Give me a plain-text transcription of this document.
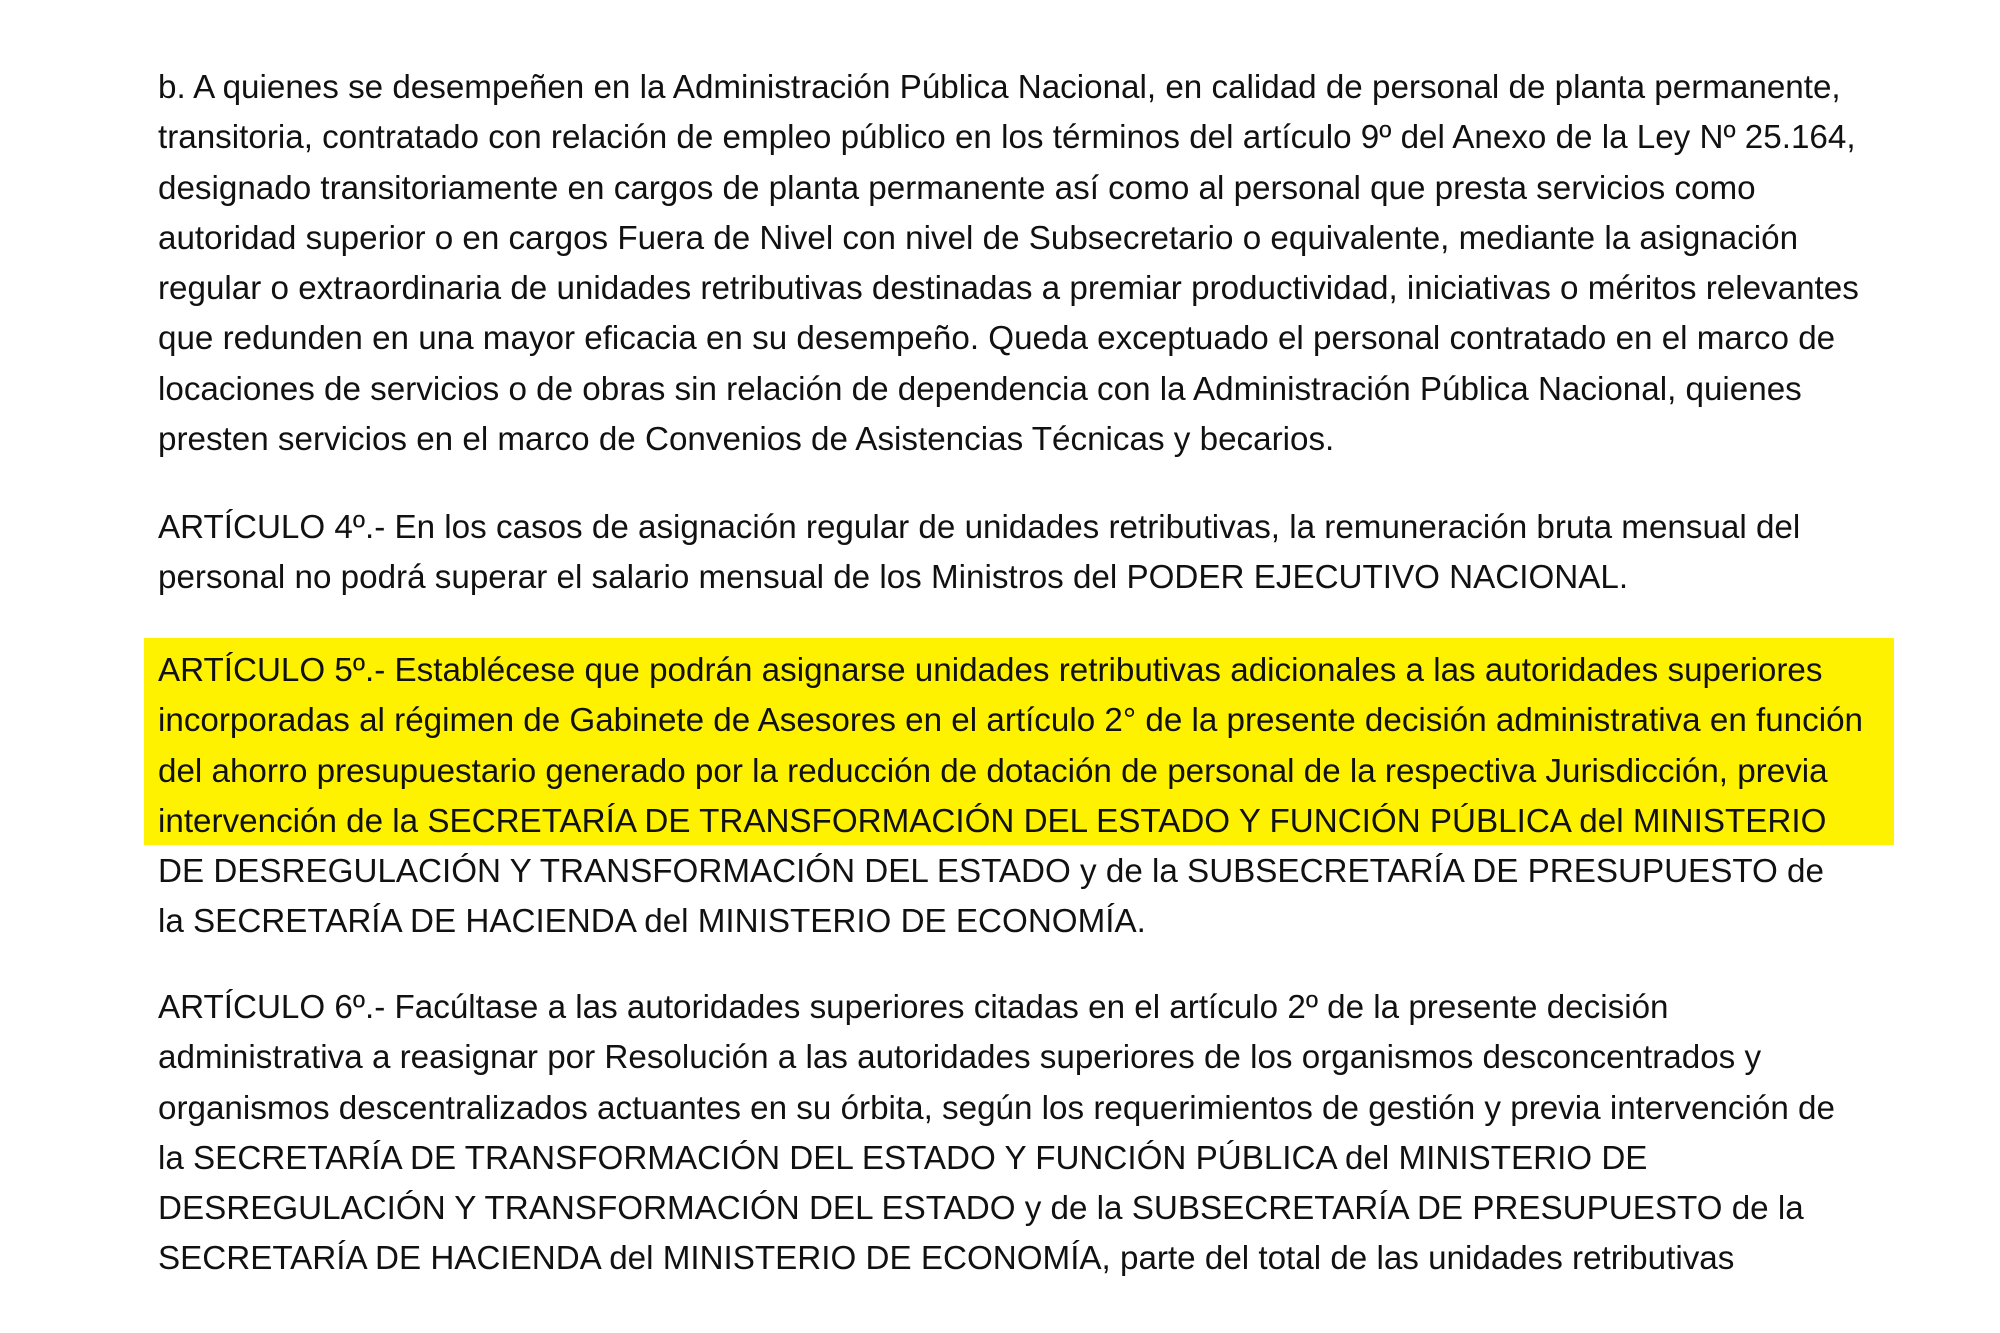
b. A quienes se desempeñen en la Administración Pública Nacional, en calidad de personal de planta permanente,
transitoria, contratado con relación de empleo público en los términos del artículo 9º del Anexo de la Ley Nº 25.164,
designado transitoriamente en cargos de planta permanente así como al personal que presta servicios como
autoridad superior o en cargos Fuera de Nivel con nivel de Subsecretario o equivalente, mediante la asignación
regular o extraordinaria de unidades retributivas destinadas a premiar productividad, iniciativas o méritos relevantes
que redunden en una mayor eficacia en su desempeño. Queda exceptuado el personal contratado en el marco de
locaciones de servicios o de obras sin relación de dependencia con la Administración Pública Nacional, quienes
presten servicios en el marco de Convenios de Asistencias Técnicas y becarios.
ARTÍCULO 4º.- En los casos de asignación regular de unidades retributivas, la remuneración bruta mensual del
personal no podrá superar el salario mensual de los Ministros del PODER EJECUTIVO NACIONAL.
ARTÍCULO 5º.- Establécese que podrán asignarse unidades retributivas adicionales a las autoridades superiores
incorporadas al régimen de Gabinete de Asesores en el artículo 2° de la presente decisión administrativa en función
del ahorro presupuestario generado por la reducción de dotación de personal de la respectiva Jurisdicción, previa
intervención de la SECRETARÍA DE TRANSFORMACIÓN DEL ESTADO Y FUNCIÓN PÚBLICA del MINISTERIO
DE DESREGULACIÓN Y TRANSFORMACIÓN DEL ESTADO y de la SUBSECRETARÍA DE PRESUPUESTO de
la SECRETARÍA DE HACIENDA del MINISTERIO DE ECONOMÍA.
ARTÍCULO 6º.- Facúltase a las autoridades superiores citadas en el artículo 2º de la presente decisión
administrativa a reasignar por Resolución a las autoridades superiores de los organismos desconcentrados y
organismos descentralizados actuantes en su órbita, según los requerimientos de gestión y previa intervención de
la SECRETARÍA DE TRANSFORMACIÓN DEL ESTADO Y FUNCIÓN PÚBLICA del MINISTERIO DE
DESREGULACIÓN Y TRANSFORMACIÓN DEL ESTADO y de la SUBSECRETARÍA DE PRESUPUESTO de la
SECRETARÍA DE HACIENDA del MINISTERIO DE ECONOMÍA, parte del total de las unidades retributivas
